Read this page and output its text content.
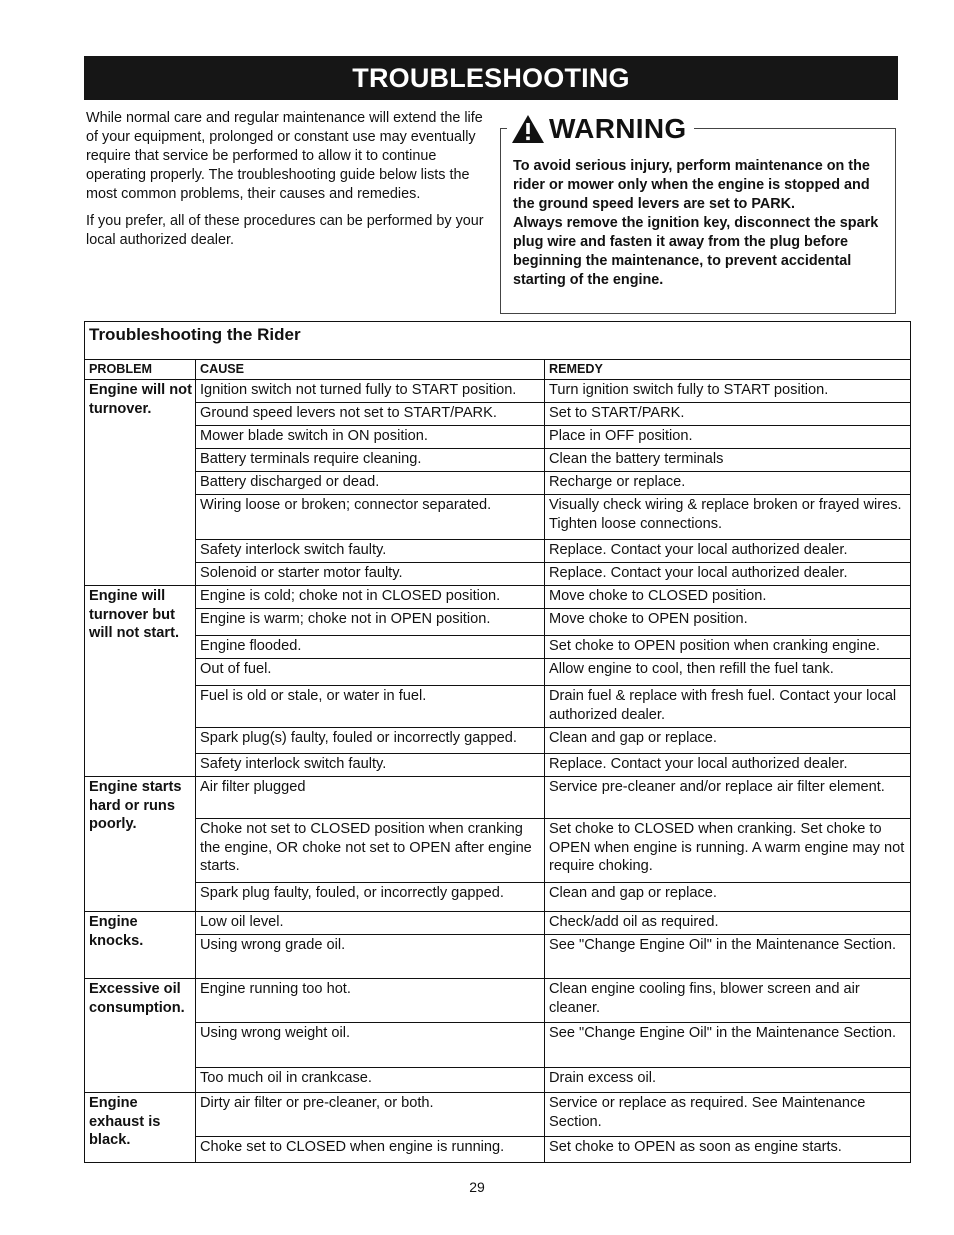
TROUBLESHOOTING

While normal care and regular maintenance will extend the life of your equipment, prolonged or constant use may eventually require that service be performed to allow it to continue operating properly. The troubleshooting guide below lists the most common problems, their causes and remedies.

If you prefer, all of these procedures can be performed by your local authorized dealer.

WARNING

To avoid serious injury, perform maintenance on the rider or mower only when the engine is stopped and the ground speed levers are set to PARK.

Always remove the ignition key, disconnect the spark plug wire and fasten it away from the plug before beginning the maintenance, to prevent accidental starting of the engine.

Troubleshooting the Rider		
PROBLEM	CAUSE	REMEDY
Engine will not turnover.	Ignition switch not turned fully to START position.	Turn ignition switch fully to START position.
	Ground speed levers not set to START/PARK.	Set to START/PARK.
	Mower blade switch in ON position.	Place in OFF position.
	Battery terminals require cleaning.	Clean the battery terminals
	Battery discharged or dead.	Recharge or replace.
	Wiring loose or broken; connector separated.	Visually check wiring & replace broken or frayed wires. Tighten loose connections.
	Safety interlock switch faulty.	Replace. Contact your local authorized dealer.
	Solenoid or starter motor faulty.	Replace. Contact your local authorized dealer.
Engine will turnover but will not start.	Engine is cold; choke not in CLOSED position.	Move choke to CLOSED position.
	Engine is warm; choke not in OPEN position.	Move choke to OPEN position.
	Engine flooded.	Set choke to OPEN position when cranking engine.
	Out of fuel.	Allow engine to cool, then refill the fuel tank.
	Fuel is old or stale, or water in fuel.	Drain fuel & replace with fresh fuel. Contact your local authorized dealer.
	Spark plug(s) faulty, fouled or incorrectly gapped.	Clean and gap or replace.
	Safety interlock switch faulty.	Replace. Contact your local authorized dealer.
Engine starts hard or runs poorly.	Air filter plugged	Service pre-cleaner and/or replace air filter element.
	Choke not set to CLOSED position when cranking the engine, OR choke not set to OPEN after engine starts.	Set choke to CLOSED when cranking. Set choke to OPEN when engine is running. A warm engine may not require choking.
	Spark plug faulty, fouled, or incorrectly gapped.	Clean and gap or replace.
Engine knocks.	Low oil level.	Check/add oil as required.
	Using wrong grade oil.	See "Change Engine Oil" in the Maintenance Section.
Excessive oil consumption.	Engine running too hot.	Clean engine cooling fins, blower screen and air cleaner.
	Using wrong weight oil.	See "Change Engine Oil" in the Maintenance Section.
	Too much oil in crankcase.	Drain excess oil.
Engine exhaust is black.	Dirty air filter or pre-cleaner, or both.	Service or replace as required. See Maintenance Section.
	Choke set to CLOSED when engine is running.	Set choke to OPEN as soon as engine starts.
29
